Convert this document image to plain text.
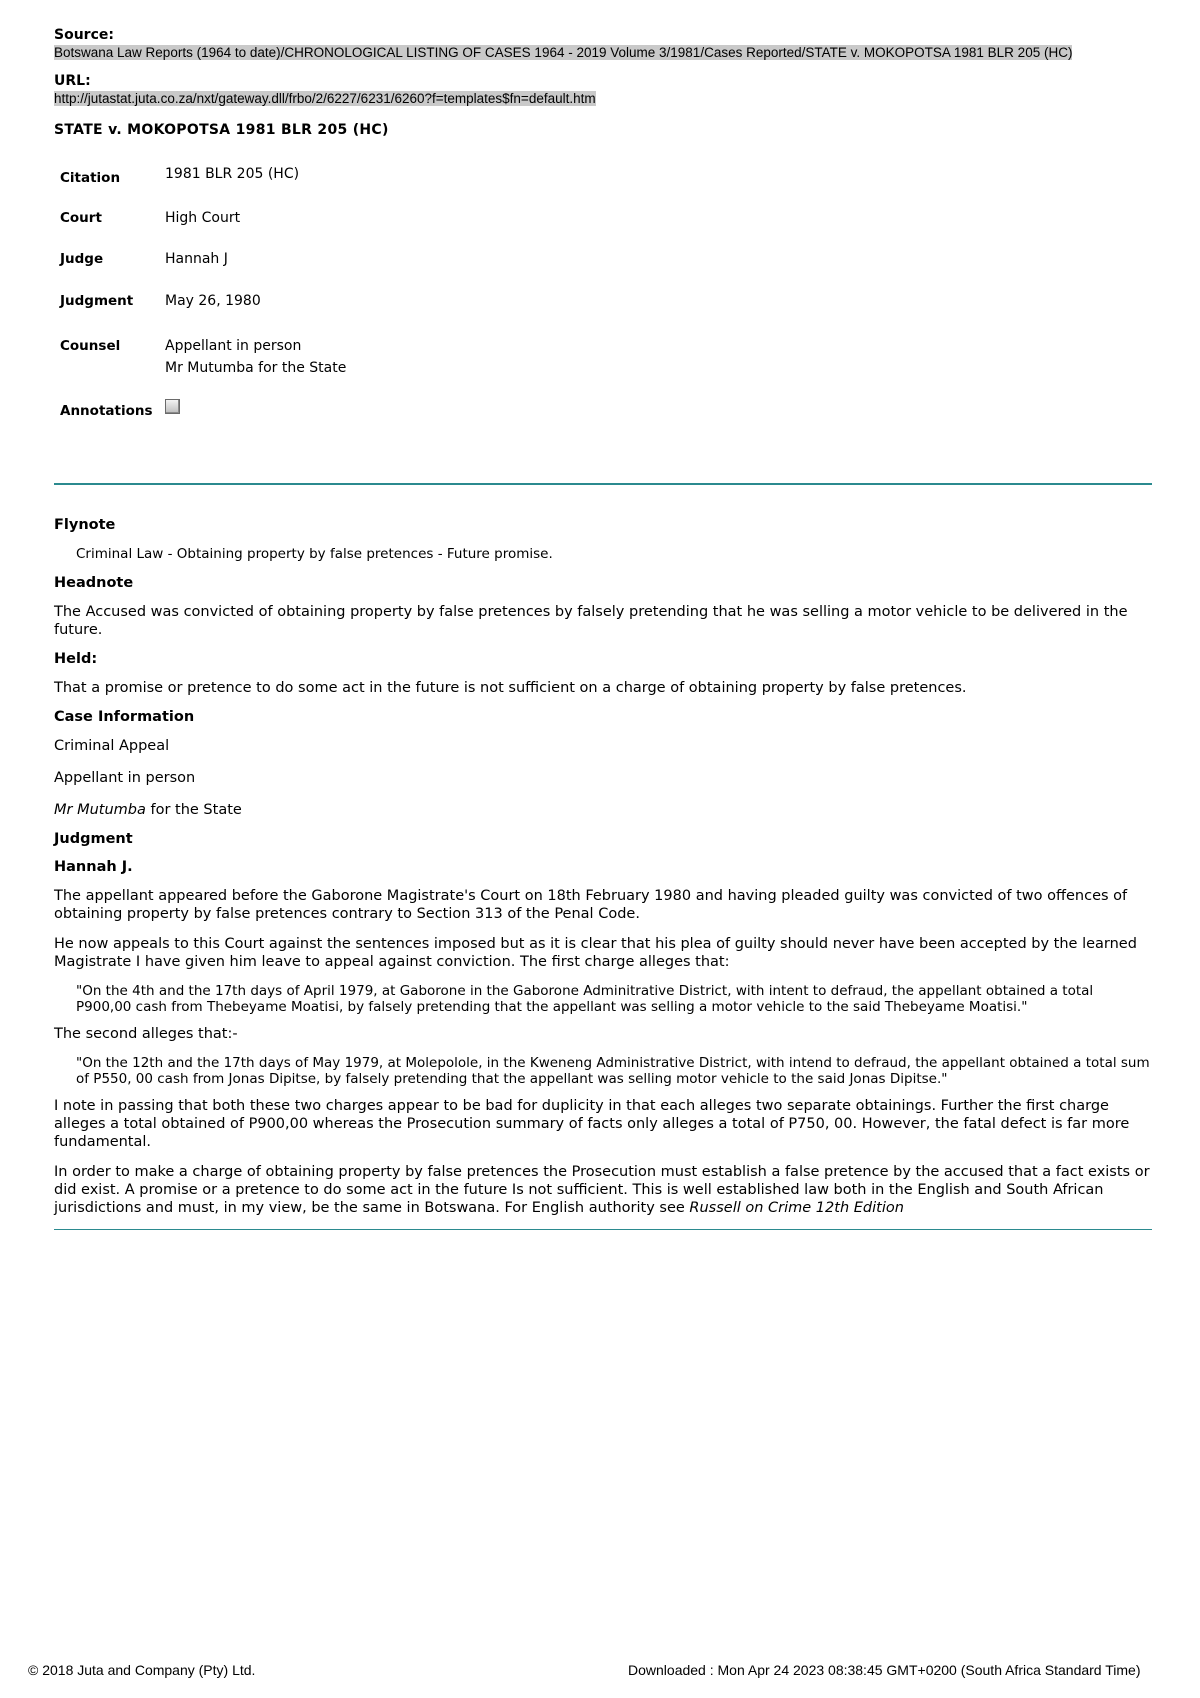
Source:
Botswana Law Reports (1964 to date)/CHRONOLOGICAL LISTING OF CASES 1964 - 2019 Volume 3/1981/Cases Reported/STATE v. MOKOPOTSA 1981 BLR 205 (HC)
URL:
http://jutastat.juta.co.za/nxt/gateway.dll/frbo/2/6227/6231/6260?f=templates$fn=default.htm
STATE v. MOKOPOTSA 1981 BLR 205 (HC)
Citation	1981 BLR 205 (HC)
Court	High Court
Judge	Hannah J
Judgment	May 26, 1980
Counsel	Appellant in person
Mr Mutumba for the State

Annotations	
Flynote
Criminal Law - Obtaining property by false pretences - Future promise.
Headnote
The Accused was convicted of obtaining property by false pretences by falsely pretending that he was selling a motor vehicle to be delivered in the future.
Held:
That a promise or pretence to do some act in the future is not sufficient on a charge of obtaining property by false pretences.
Case Information
Criminal Appeal
Appellant in person
Mr Mutumba for the State
Judgment
Hannah J.
The appellant appeared before the Gaborone Magistrate's Court on 18th February 1980 and having pleaded guilty was convicted of two offences of obtaining property by false pretences contrary to Section 313 of the Penal Code.
He now appeals to this Court against the sentences imposed but as it is clear that his plea of guilty should never have been accepted by the learned Magistrate I have given him leave to appeal against conviction. The first charge alleges that:
"On the 4th and the 17th days of April 1979, at Gaborone in the Gaborone Adminitrative District, with intent to defraud, the appellant obtained a total P900,00 cash from Thebeyame Moatisi, by falsely pretending that the appellant was selling a motor vehicle to the said Thebeyame Moatisi."
The second alleges that:-
"On the 12th and the 17th days of May 1979, at Molepolole, in the Kweneng Administrative District, with intend to defraud, the appellant obtained a total sum of P550, 00 cash from Jonas Dipitse, by falsely pretending that the appellant was selling motor vehicle to the said Jonas Dipitse."
I note in passing that both these two charges appear to be bad for duplicity in that each alleges two separate obtainings. Further the first charge alleges a total obtained of P900,00 whereas the Prosecution summary of facts only alleges a total of P750, 00. However, the fatal defect is far more fundamental.
In order to make a charge of obtaining property by false pretences the Prosecution must establish a false pretence by the accused that a fact exists or did exist. A promise or a pretence to do some act in the future Is not sufficient. This is well established law both in the English and South African jurisdictions and must, in my view, be the same in Botswana. For English authority see Russell on Crime 12th Edition
© 2018 Juta and Company (Pty) Ltd.	Downloaded : Mon Apr 24 2023 08:38:45 GMT+0200 (South Africa Standard Time)
